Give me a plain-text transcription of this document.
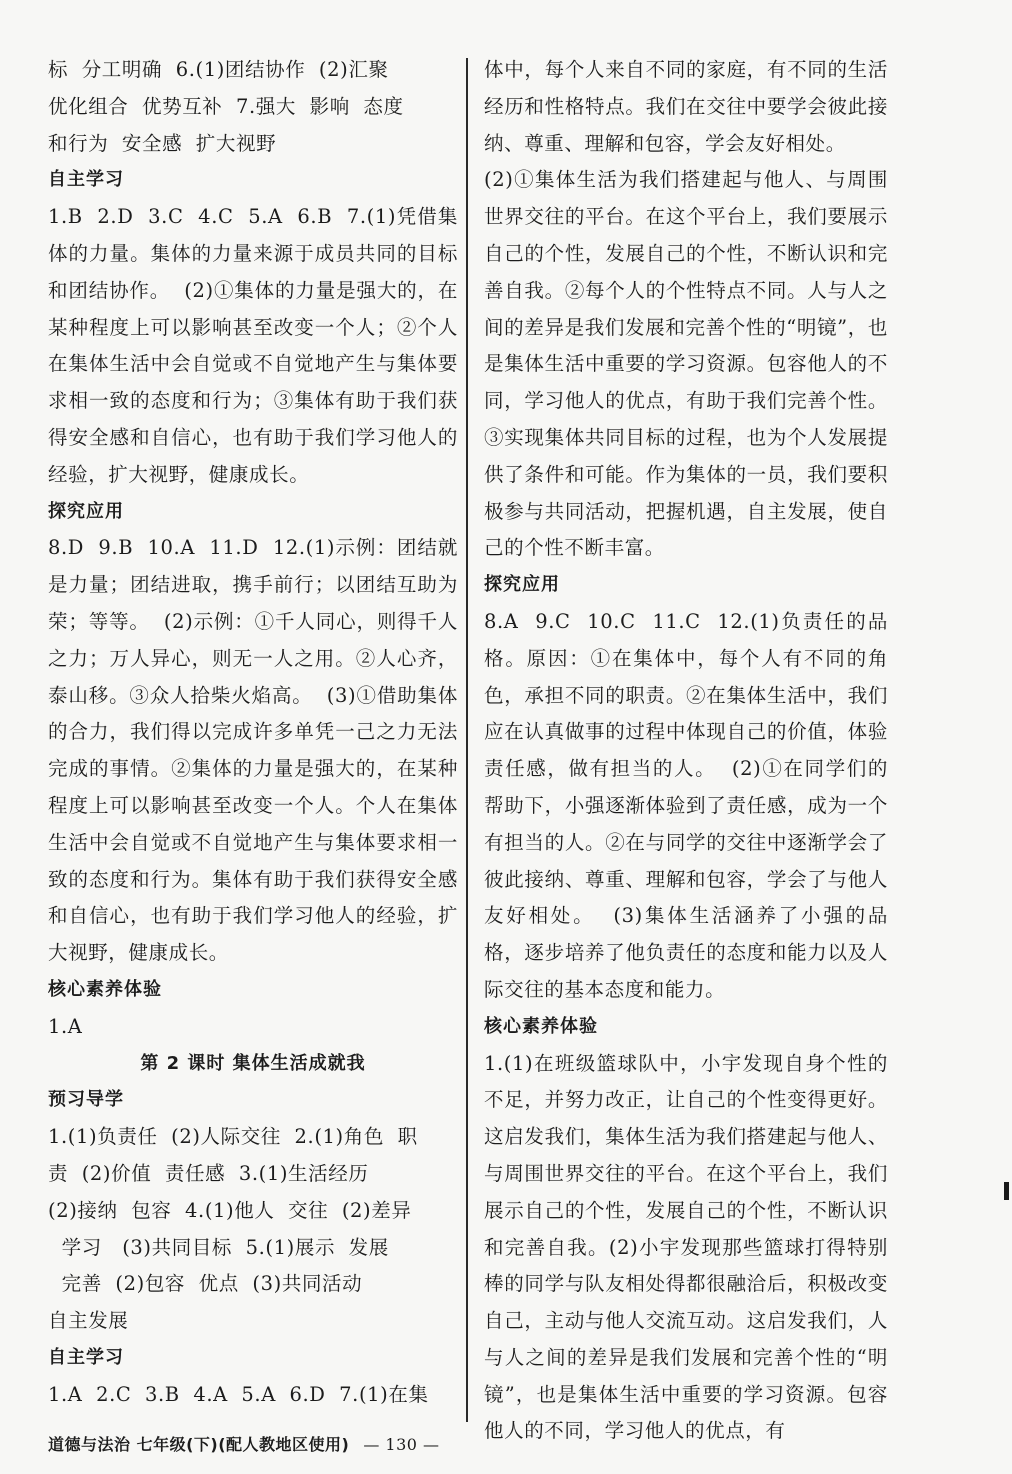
标  分工明确  6.(1)团结协作  (2)汇聚

优化组合  优势互补  7.强大  影响  态度

和行为  安全感  扩大视野

自主学习

1.B  2.D  3.C  4.C  5.A  6.B  7.(1)凭借集体的力量。集体的力量来源于成员共同的目标和团结协作。  (2)①集体的力量是强大的，在某种程度上可以影响甚至改变一个人；②个人在集体生活中会自觉或不自觉地产生与集体要求相一致的态度和行为；③集体有助于我们获得安全感和自信心，也有助于我们学习他人的经验，扩大视野，健康成长。

探究应用

8.D  9.B  10.A  11.D  12.(1)示例：团结就是力量；团结进取，携手前行；以团结互助为荣；等等。  (2)示例：①千人同心，则得千人之力；万人异心，则无一人之用。②人心齐，泰山移。③众人拾柴火焰高。  (3)①借助集体的合力，我们得以完成许多单凭一己之力无法完成的事情。②集体的力量是强大的，在某种程度上可以影响甚至改变一个人。个人在集体生活中会自觉或不自觉地产生与集体要求相一致的态度和行为。集体有助于我们获得安全感和自信心，也有助于我们学习他人的经验，扩大视野，健康成长。

核心素养体验

1.A

第 2 课时 集体生活成就我

预习导学

1.(1)负责任  (2)人际交往  2.(1)角色  职

责  (2)价值  责任感  3.(1)生活经历

(2)接纳  包容  4.(1)他人  交往  (2)差异

学习   (3)共同目标  5.(1)展示  发展

完善  (2)包容  优点  (3)共同活动

自主发展

自主学习

1.A  2.C  3.B  4.A  5.A  6.D  7.(1)在集

体中，每个人来自不同的家庭，有不同的生活经历和性格特点。我们在交往中要学会彼此接纳、尊重、理解和包容，学会友好相处。

(2)①集体生活为我们搭建起与他人、与周围世界交往的平台。在这个平台上，我们要展示自己的个性，发展自己的个性，不断认识和完善自我。②每个人的个性特点不同。人与人之间的差异是我们发展和完善个性的“明镜”，也是集体生活中重要的学习资源。包容他人的不同，学习他人的优点，有助于我们完善个性。③实现集体共同目标的过程，也为个人发展提供了条件和可能。作为集体的一员，我们要积极参与共同活动，把握机遇，自主发展，使自己的个性不断丰富。

探究应用

8.A  9.C  10.C  11.C  12.(1)负责任的品格。原因：①在集体中，每个人有不同的角色，承担不同的职责。②在集体生活中，我们应在认真做事的过程中体现自己的价值，体验责任感，做有担当的人。  (2)①在同学们的帮助下，小强逐渐体验到了责任感，成为一个有担当的人。②在与同学的交往中逐渐学会了彼此接纳、尊重、理解和包容，学会了与他人友好相处。  (3)集体生活涵养了小强的品格，逐步培养了他负责任的态度和能力以及人际交往的基本态度和能力。

核心素养体验

1.(1)在班级篮球队中，小宇发现自身个性的不足，并努力改正，让自己的个性变得更好。这启发我们，集体生活为我们搭建起与他人、与周围世界交往的平台。在这个平台上，我们展示自己的个性，发展自己的个性，不断认识和完善自我。(2)小宇发现那些篮球打得特别棒的同学与队友相处得都很融洽后，积极改变自己，主动与他人交流互动。这启发我们，人与人之间的差异是我们发展和完善个性的“明镜”，也是集体生活中重要的学习资源。包容他人的不同，学习他人的优点，有

道德与法治 七年级(下)(配人教地区使用) — 130 —
